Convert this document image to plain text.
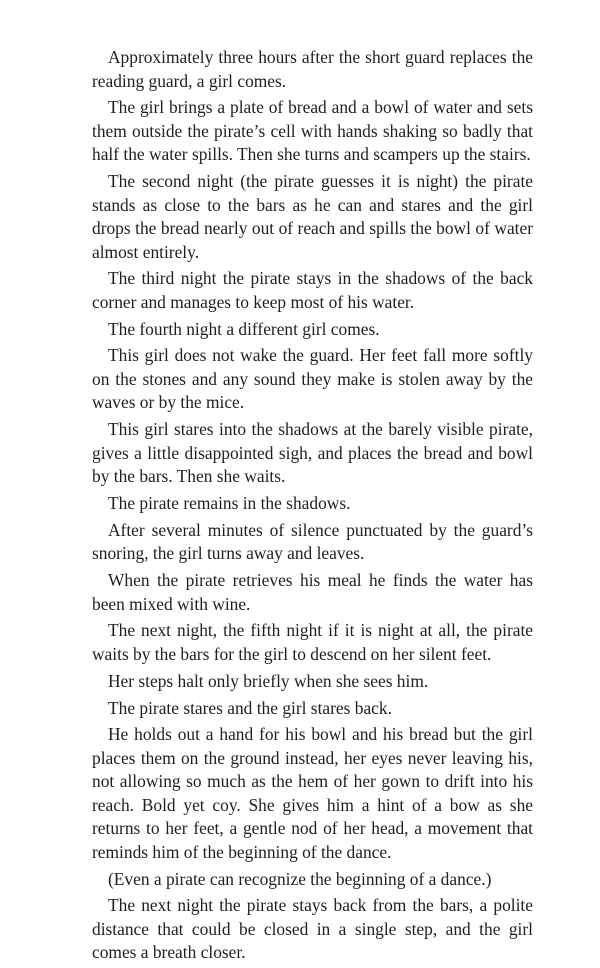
Approximately three hours after the short guard replaces the reading guard, a girl comes.

The girl brings a plate of bread and a bowl of water and sets them outside the pirate’s cell with hands shaking so badly that half the water spills. Then she turns and scampers up the stairs.

The second night (the pirate guesses it is night) the pirate stands as close to the bars as he can and stares and the girl drops the bread nearly out of reach and spills the bowl of water almost entirely.

The third night the pirate stays in the shadows of the back corner and manages to keep most of his water.

The fourth night a different girl comes.

This girl does not wake the guard. Her feet fall more softly on the stones and any sound they make is stolen away by the waves or by the mice.

This girl stares into the shadows at the barely visible pirate, gives a little disappointed sigh, and places the bread and bowl by the bars. Then she waits.

The pirate remains in the shadows.

After several minutes of silence punctuated by the guard’s snoring, the girl turns away and leaves.

When the pirate retrieves his meal he finds the water has been mixed with wine.

The next night, the fifth night if it is night at all, the pirate waits by the bars for the girl to descend on her silent feet.

Her steps halt only briefly when she sees him.

The pirate stares and the girl stares back.

He holds out a hand for his bowl and his bread but the girl places them on the ground instead, her eyes never leaving his, not allowing so much as the hem of her gown to drift into his reach. Bold yet coy. She gives him a hint of a bow as she returns to her feet, a gentle nod of her head, a movement that reminds him of the beginning of the dance.

(Even a pirate can recognize the beginning of a dance.)

The next night the pirate stays back from the bars, a polite distance that could be closed in a single step, and the girl comes a breath closer.
